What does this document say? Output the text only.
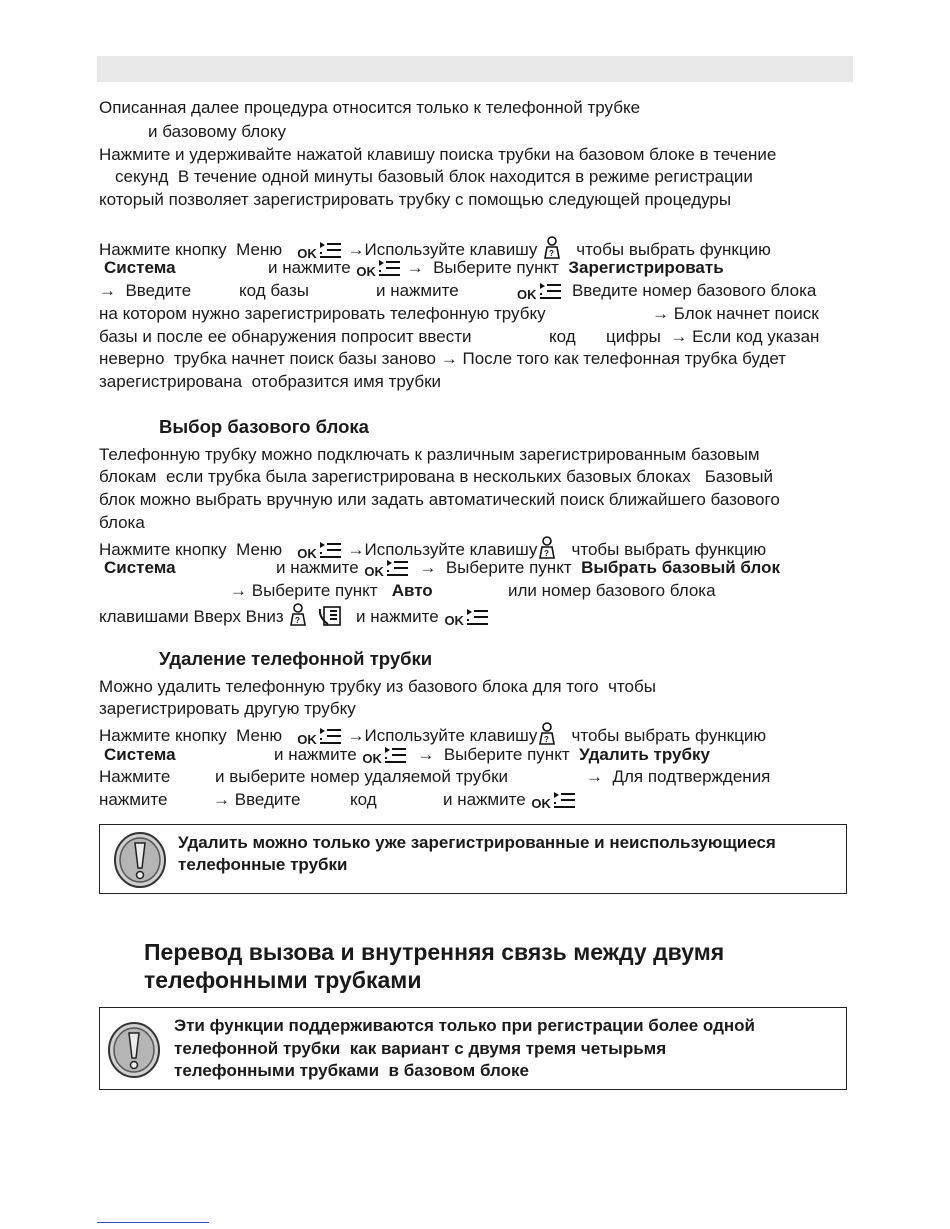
Описанная далее процедура относится только к телефонной трубке
и базовому блоку
Нажмите и удерживайте нажатой клавишу поиска трубки на базовом блоке в течение
секунд  В течение одной минуты базовый блок находится в режиме регистрации
который позволяет зарегистрировать трубку с помощью следующей процедуры
Нажмите кнопку Меню OK →Используйте клавишу ? чтобы выбрать функцию
Система	и нажмите OK → Выберите пункт Зарегистрировать
→ Введите	код базы	и нажмите	OK Введите номер базового блока
на котором нужно зарегистрировать телефонную трубку	→ Блок начнет поиск
базы и после ее обнаружения попросит ввести	код цифры → Если код указан
неверно  трубка начнет поиск базы заново → После того как телефонная трубка будет
зарегистрирована  отобразится имя трубки
Выбор базового блока
Телефонную трубку можно подключать к различным зарегистрированным базовым
блокам  если трубка была зарегистрирована в нескольких базовых блоках   Базовый
блок можно выбрать вручную или задать автоматический поиск ближайшего базового
блока
Нажмите кнопку Меню OK →Используйте клавишу ? чтобы выбрать функцию
Система	и нажмите OK → Выберите пункт Выбрать базовый блок
→ Выберите пункт Авто	или номер базового блока
клавишами Вверх Вниз ?	и нажмите OK
Удаление телефонной трубки
Можно удалить телефонную трубку из базового блока для того  чтобы
зарегистрировать другую трубку
Нажмите кнопку Меню OK →Используйте клавишу ? чтобы выбрать функцию
Система	и нажмите OK → Выберите пункт Удалить трубку
Нажмите	и выберите номер удаляемой трубки	→ Для подтверждения
нажмите	→ Введите	код	и нажмите OK
Удалить можно только уже зарегистрированные и неиспользующиеся
телефонные трубки
Перевод вызова и внутренняя связь между двумя
телефонными трубками
Эти функции поддерживаются только при регистрации более одной
телефонной трубки  как вариант с двумя тремя четырьмя
телефонными трубками  в базовом блоке
